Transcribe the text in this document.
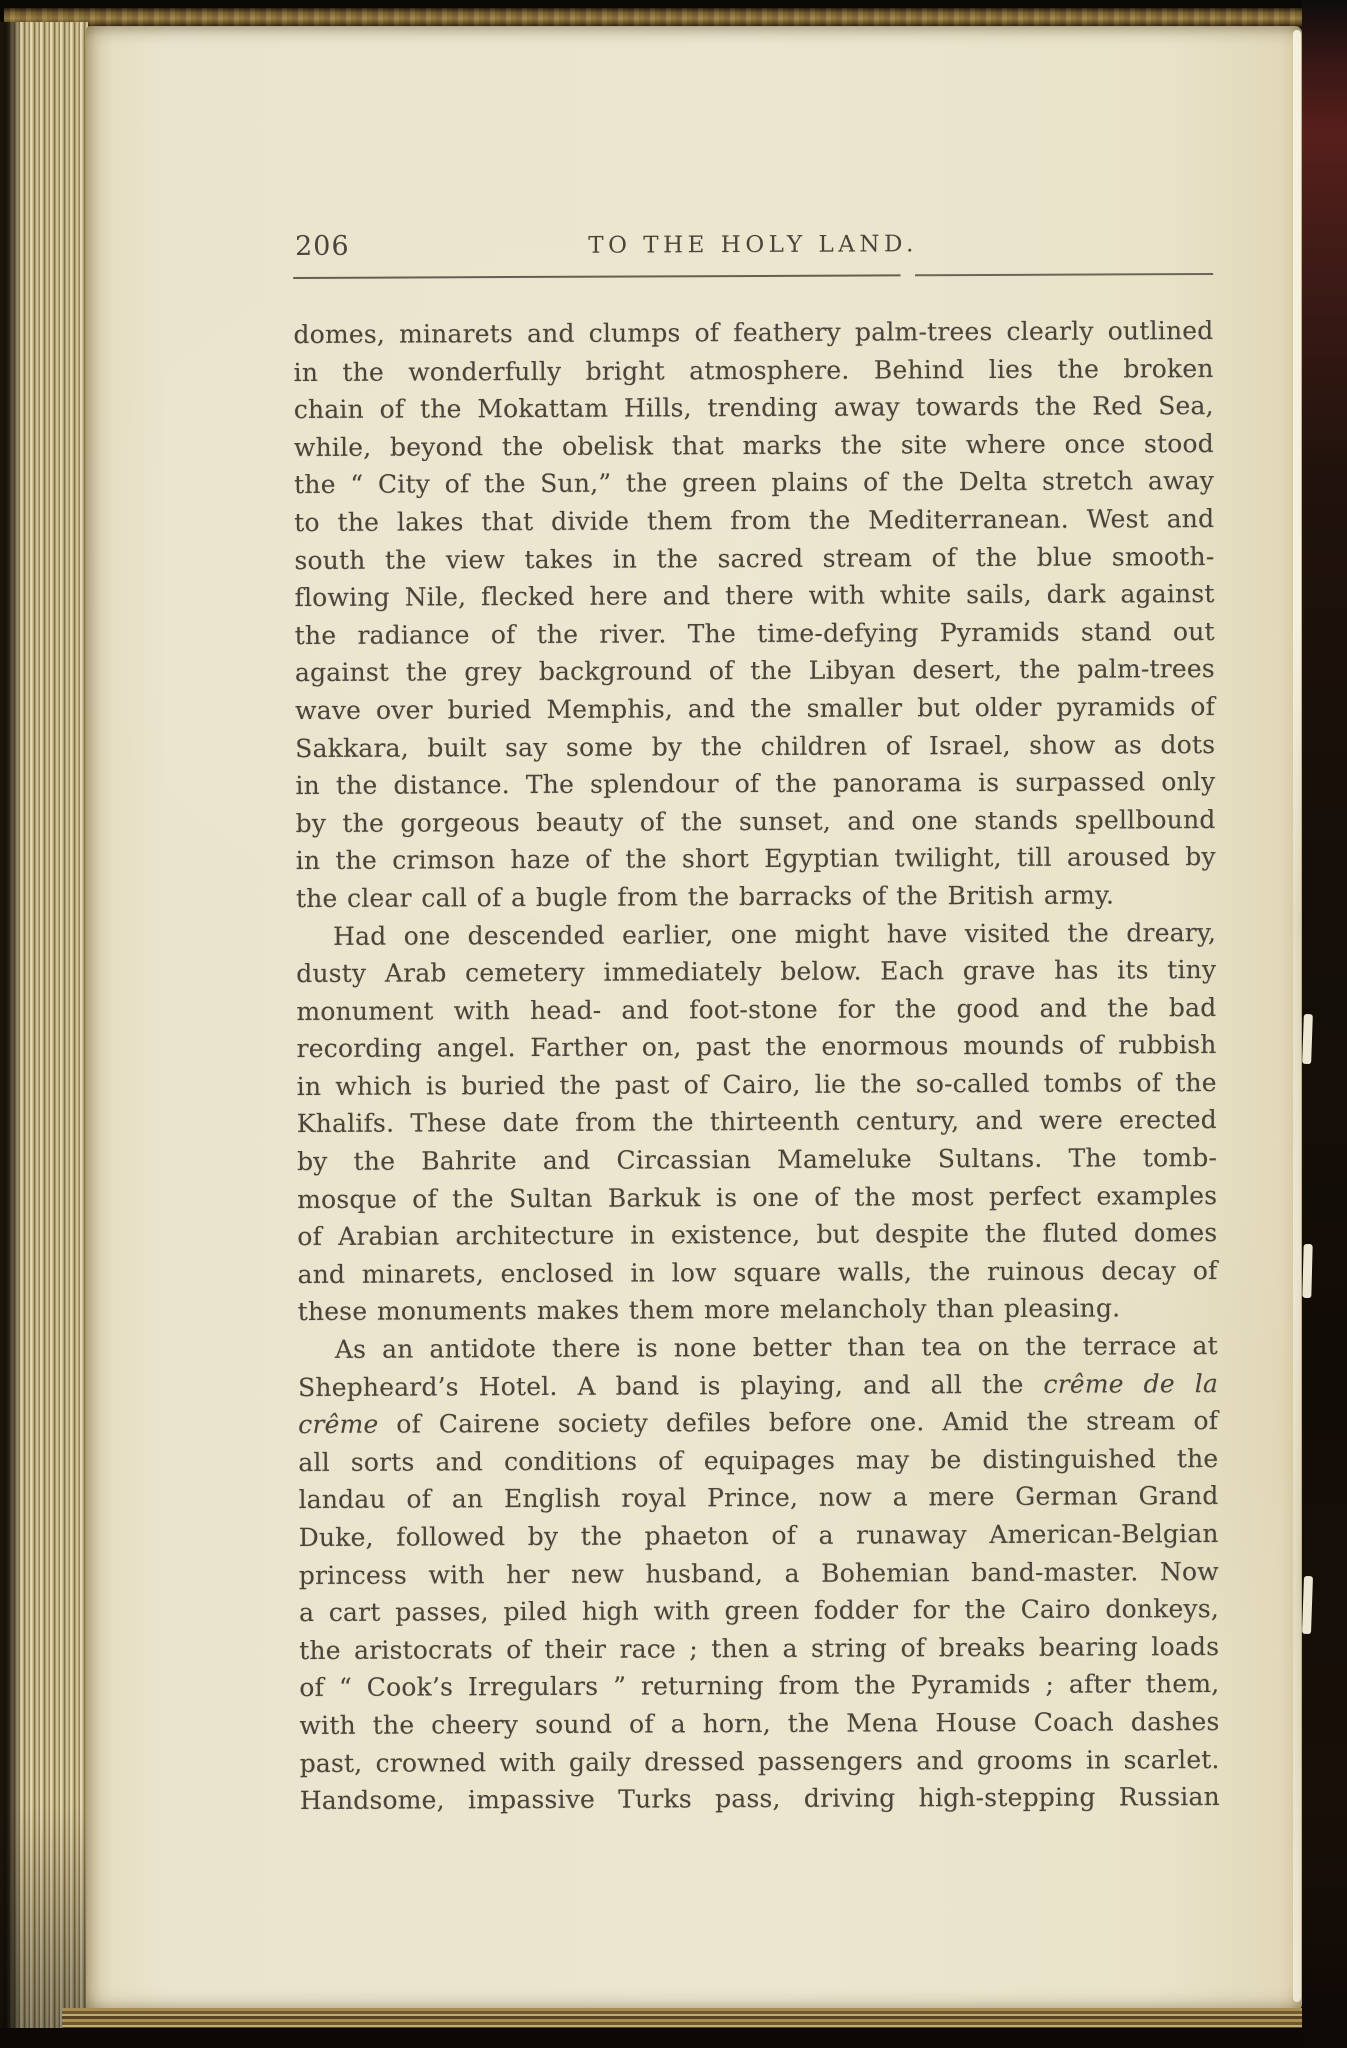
206	TO THE HOLY LAND.
domes, minarets and clumps of feathery palm-trees clearly outlined
in the wonderfully bright atmosphere. Behind lies the broken
chain of the Mokattam Hills, trending away towards the Red Sea,
while, beyond the obelisk that marks the site where once stood
the “ City of the Sun,” the green plains of the Delta stretch away
to the lakes that divide them from the Mediterranean. West and
south the view takes in the sacred stream of the blue smooth-
flowing Nile, flecked here and there with white sails, dark against
the radiance of the river. The time-defying Pyramids stand out
against the grey background of the Libyan desert, the palm-trees
wave over buried Memphis, and the smaller but older pyramids of
Sakkara, built say some by the children of Israel, show as dots
in the distance. The splendour of the panorama is surpassed only
by the gorgeous beauty of the sunset, and one stands spellbound
in the crimson haze of the short Egyptian twilight, till aroused by
the clear call of a bugle from the barracks of the British army.
Had one descended earlier, one might have visited the dreary,
dusty Arab cemetery immediately below. Each grave has its tiny
monument with head- and foot-stone for the good and the bad
recording angel. Farther on, past the enormous mounds of rubbish
in which is buried the past of Cairo, lie the so-called tombs of the
Khalifs. These date from the thirteenth century, and were erected
by the Bahrite and Circassian Mameluke Sultans. The tomb-
mosque of the Sultan Barkuk is one of the most perfect examples
of Arabian architecture in existence, but despite the fluted domes
and minarets, enclosed in low square walls, the ruinous decay of
these monuments makes them more melancholy than pleasing.
As an antidote there is none better than tea on the terrace at
Shepheard’s Hotel. A band is playing, and all the crême de la
crême of Cairene society defiles before one. Amid the stream of
all sorts and conditions of equipages may be distinguished the
landau of an English royal Prince, now a mere German Grand
Duke, followed by the phaeton of a runaway American-Belgian
princess with her new husband, a Bohemian band-master. Now
a cart passes, piled high with green fodder for the Cairo donkeys,
the aristocrats of their race ; then a string of breaks bearing loads
of “ Cook’s Irregulars ” returning from the Pyramids ; after them,
with the cheery sound of a horn, the Mena House Coach dashes
past, crowned with gaily dressed passengers and grooms in scarlet.
Handsome, impassive Turks pass, driving high-stepping Russian
